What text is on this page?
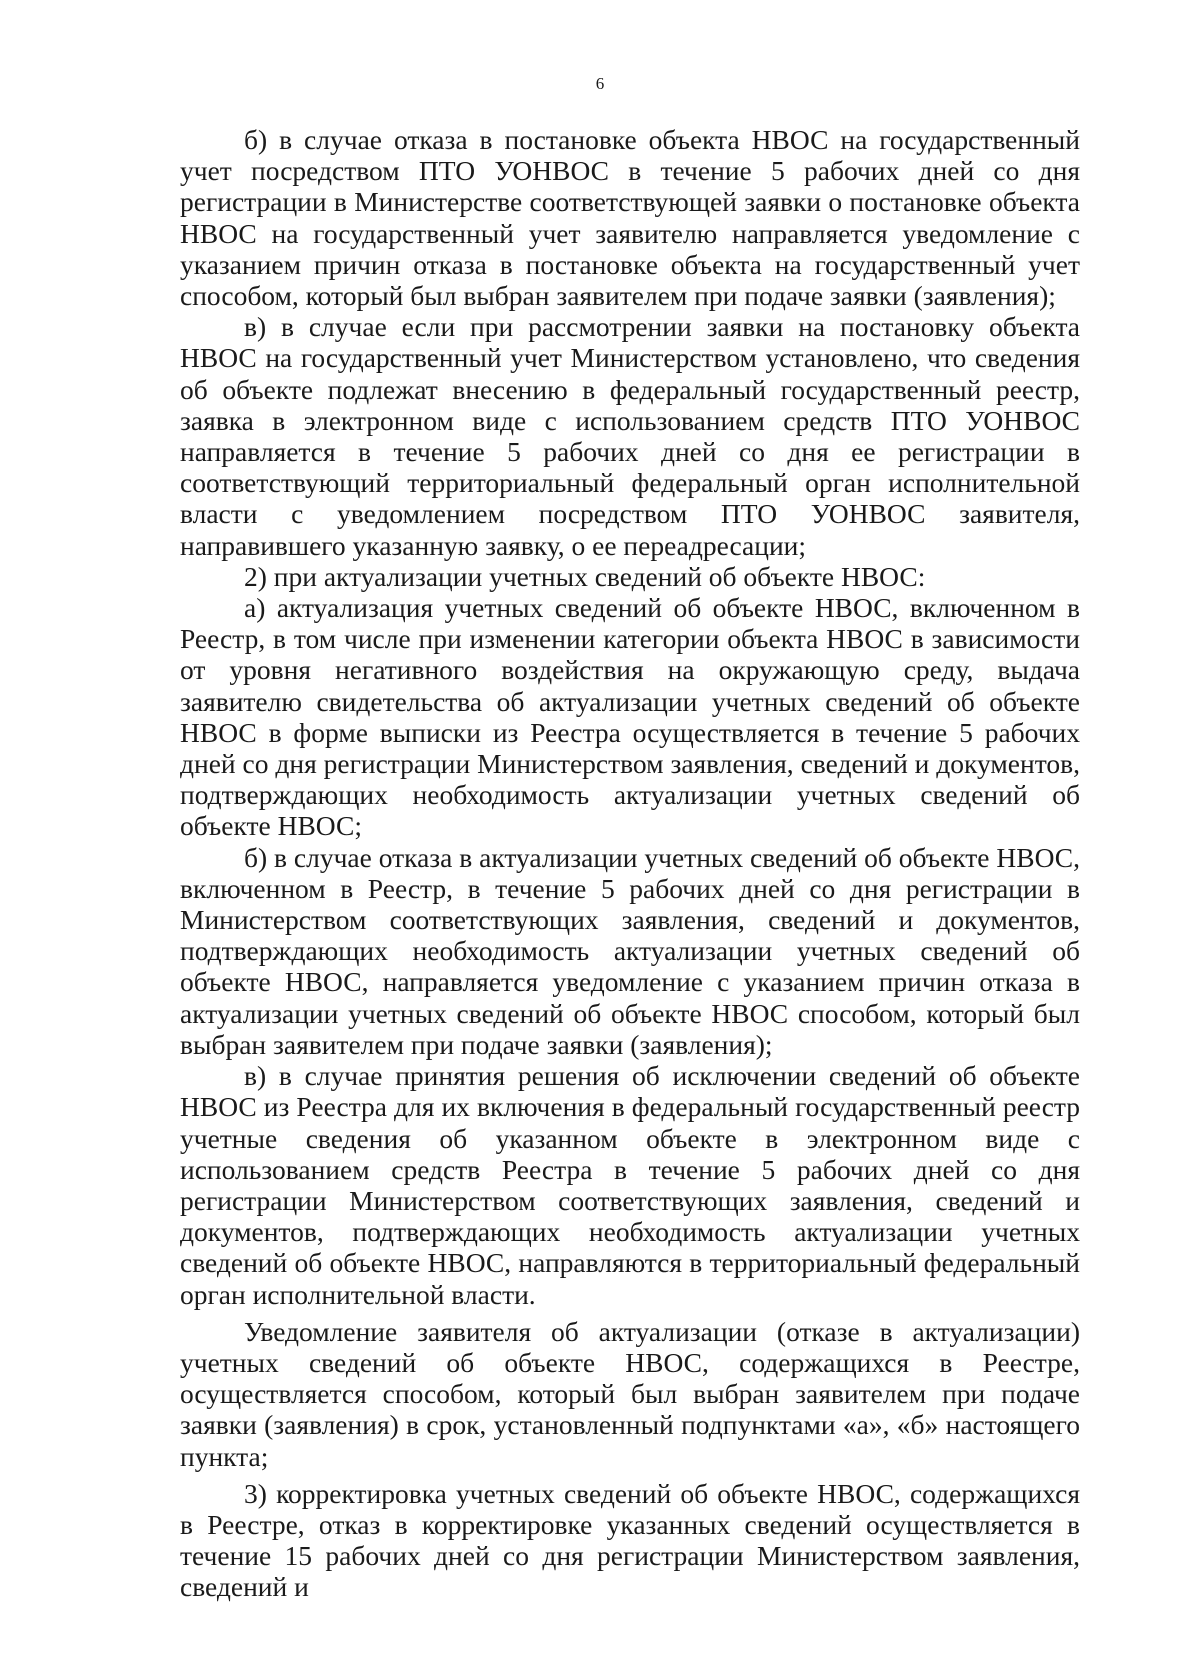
6

б) в случае отказа в постановке объекта НВОС на государственный учет посредством ПТО УОНВОС в течение 5 рабочих дней со дня регистрации в Министерстве соответствующей заявки о постановке объекта НВОС на государственный учет заявителю направляется уведомление с указанием причин отказа в постановке объекта на государственный учет способом, который был выбран заявителем при подаче заявки (заявления);

в) в случае если при рассмотрении заявки на постановку объекта НВОС на государственный учет Министерством установлено, что сведения об объекте подлежат внесению в федеральный государственный реестр, заявка в электронном виде с использованием средств ПТО УОНВОС направляется в течение 5 рабочих дней со дня ее регистрации в соответствующий территориальный федеральный орган исполнительной власти с уведомлением посредством ПТО УОНВОС заявителя, направившего указанную заявку, о ее переадресации;

2) при актуализации учетных сведений об объекте НВОС:

а) актуализация учетных сведений об объекте НВОС, включенном в Реестр, в том числе при изменении категории объекта НВОС в зависимости от уровня негативного воздействия на окружающую среду, выдача заявителю свидетельства об актуализации учетных сведений об объекте НВОС в форме выписки из Реестра осуществляется в течение 5 рабочих дней со дня регистрации Министерством заявления, сведений и документов, подтверждающих необходимость актуализации учетных сведений об объекте НВОС;

б) в случае отказа в актуализации учетных сведений об объекте НВОС, включенном в Реестр, в течение 5 рабочих дней со дня регистрации в Министерством соответствующих заявления, сведений и документов, подтверждающих необходимость актуализации учетных сведений об объекте НВОС, направляется уведомление с указанием причин отказа в актуализации учетных сведений об объекте НВОС способом, который был выбран заявителем при подаче заявки (заявления);

в) в случае принятия решения об исключении сведений об объекте НВОС из Реестра для их включения в федеральный государственный реестр учетные сведения об указанном объекте в электронном виде с использованием средств Реестра в течение 5 рабочих дней со дня регистрации Министерством соответствующих заявления, сведений и документов, подтверждающих необходимость актуализации учетных сведений об объекте НВОС, направляются в территориальный федеральный орган исполнительной власти.

Уведомление заявителя об актуализации (отказе в актуализации) учетных сведений об объекте НВОС, содержащихся в Реестре, осуществляется способом, который был выбран заявителем при подаче заявки (заявления) в срок, установленный подпунктами «а», «б» настоящего пункта;

3) корректировка учетных сведений об объекте НВОС, содержащихся в Реестре, отказ в корректировке указанных сведений осуществляется в течение 15 рабочих дней со дня регистрации Министерством заявления, сведений и
